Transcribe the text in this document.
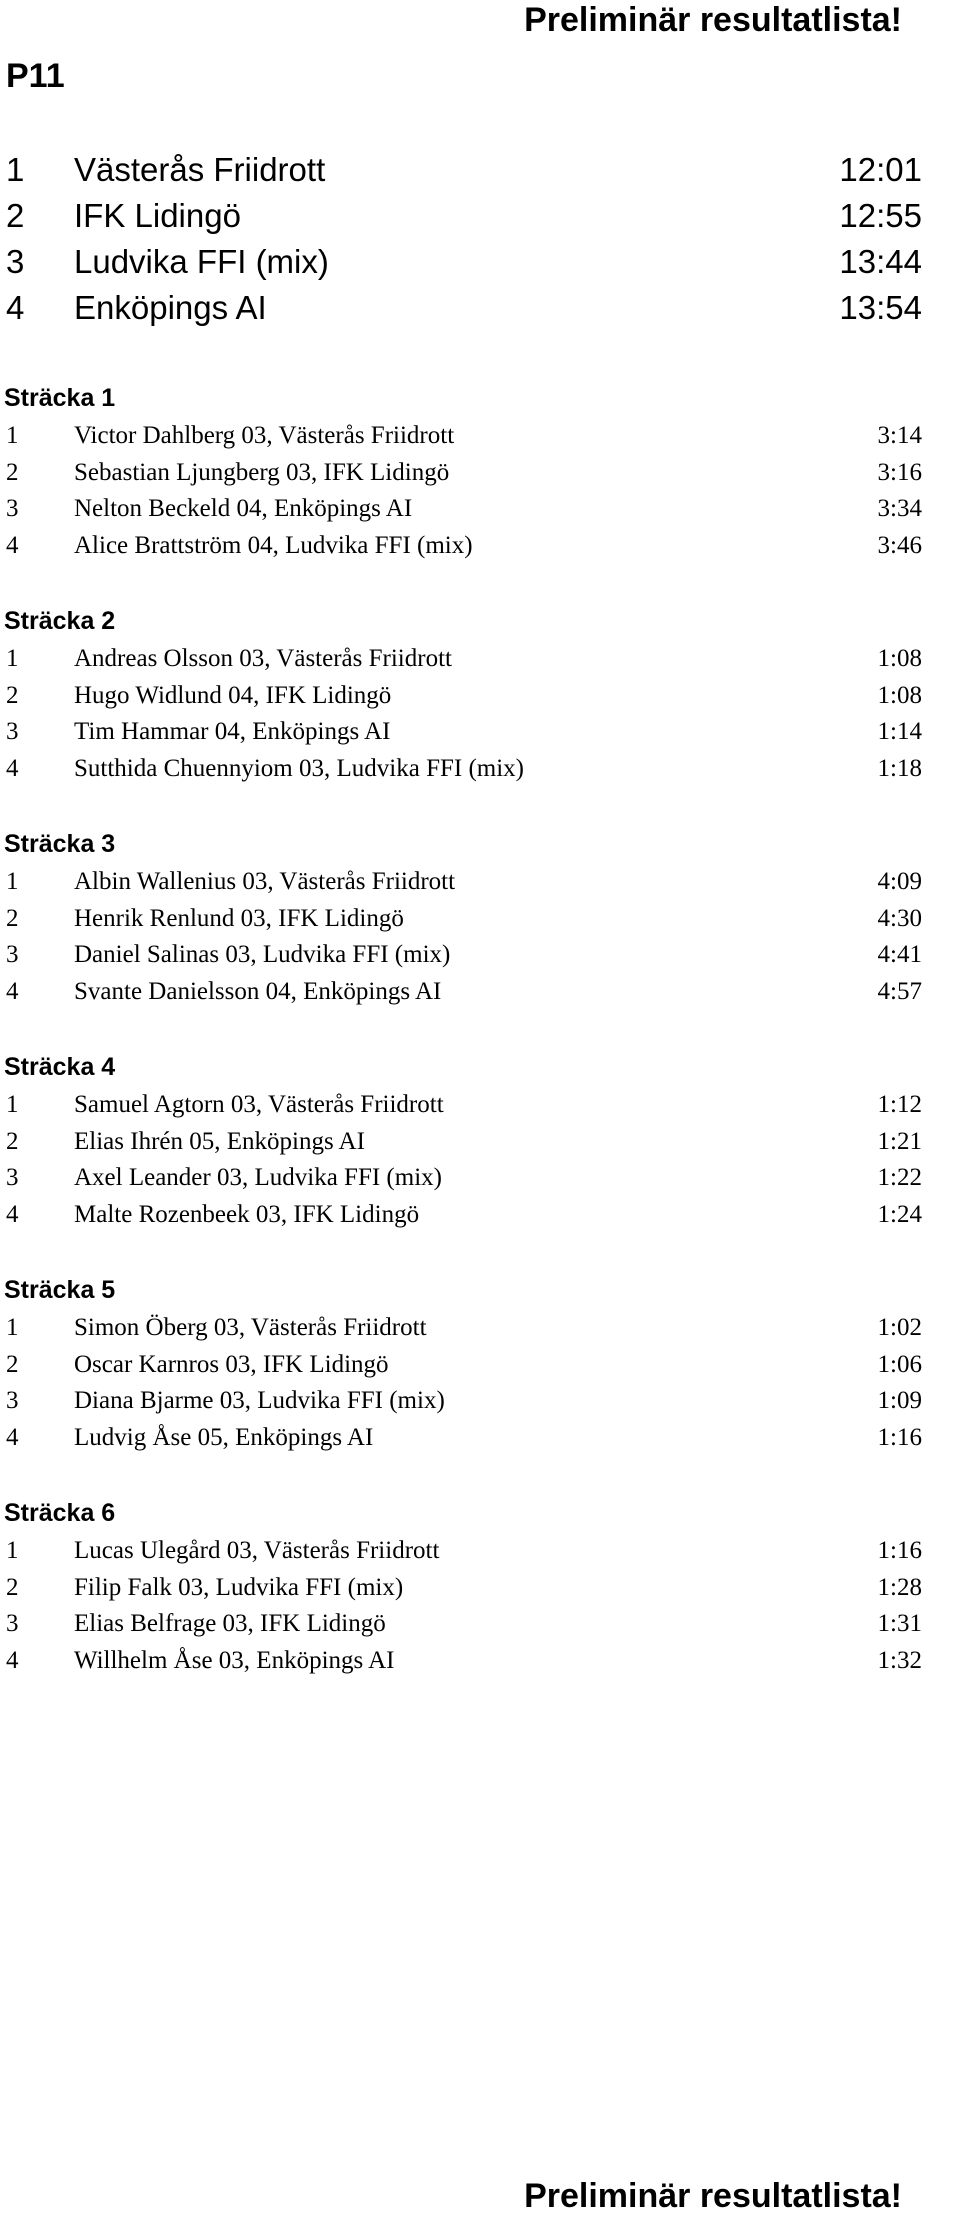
Preliminär resultatlista!
P11
1 Västerås Friidrott	12:01
2 IFK Lidingö	12:55
3 Ludvika FFI (mix)	13:44
4 Enköpings AI	13:54
Sträcka 1
1 Victor Dahlberg 03, Västerås Friidrott	3:14
2 Sebastian Ljungberg 03, IFK Lidingö	3:16
3 Nelton Beckeld 04, Enköpings AI	3:34
4 Alice Brattström 04, Ludvika FFI (mix)	3:46
Sträcka 2
1 Andreas Olsson 03, Västerås Friidrott	1:08
2 Hugo Widlund 04, IFK Lidingö	1:08
3 Tim Hammar 04, Enköpings AI	1:14
4 Sutthida Chuennyiom 03, Ludvika FFI (mix)	1:18
Sträcka 3
1 Albin Wallenius 03, Västerås Friidrott	4:09
2 Henrik Renlund 03, IFK Lidingö	4:30
3 Daniel Salinas 03, Ludvika FFI (mix)	4:41
4 Svante Danielsson 04, Enköpings AI	4:57
Sträcka 4
1 Samuel Agtorn 03, Västerås Friidrott	1:12
2 Elias Ihrén 05, Enköpings AI	1:21
3 Axel Leander 03, Ludvika FFI (mix)	1:22
4 Malte Rozenbeek 03, IFK Lidingö	1:24
Sträcka 5
1 Simon Öberg 03, Västerås Friidrott	1:02
2 Oscar Karnros 03, IFK Lidingö	1:06
3 Diana Bjarme 03, Ludvika FFI (mix)	1:09
4 Ludvig Åse 05, Enköpings AI	1:16
Sträcka 6
1 Lucas Ulegård 03, Västerås Friidrott	1:16
2 Filip Falk 03, Ludvika FFI (mix)	1:28
3 Elias Belfrage 03, IFK Lidingö	1:31
4 Willhelm Åse 03, Enköpings AI	1:32
Preliminär resultatlista!
